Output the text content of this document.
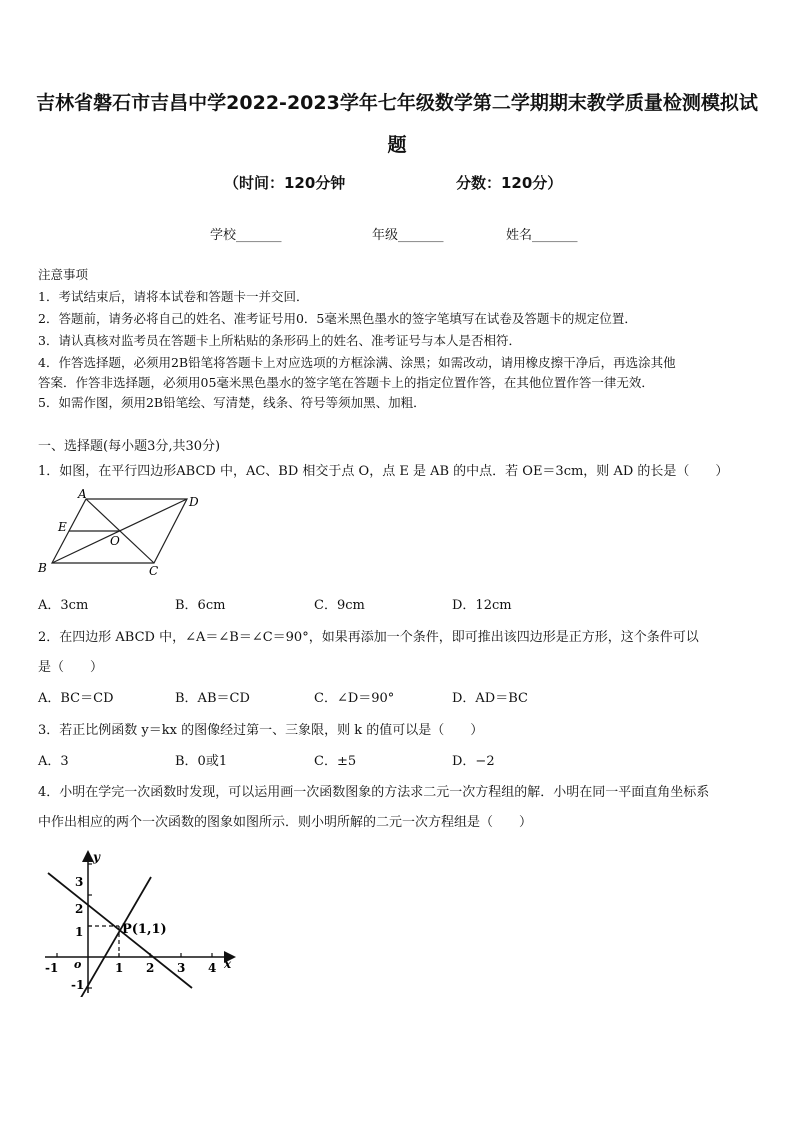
吉林省磐石市吉昌中学2022-2023学年七年级数学第二学期期末教学质量检测模拟试
题
（时间：120分钟	分数：120分）
学校_______	年级_______	姓名_______
注意事项
1．考试结束后，请将本试卷和答题卡一并交回．
2．答题前，请务必将自己的姓名、准考证号用0．5毫米黑色墨水的签字笔填写在试卷及答题卡的规定位置．
3．请认真核对监考员在答题卡上所粘贴的条形码上的姓名、准考证号与本人是否相符．
4．作答选择题，必须用2B铅笔将答题卡上对应选项的方框涂满、涂黑；如需改动，请用橡皮擦干净后，再选涂其他
答案．作答非选择题，必须用05毫米黑色墨水的签字笔在答题卡上的指定位置作答，在其他位置作答一律无效．
5．如需作图，须用2B铅笔绘、写清楚，线条、符号等须加黑、加粗．
一、选择题(每小题3分,共30分)
1．如图，在平行四边形ABCD 中，AC、BD 相交于点 O，点 E 是 AB 的中点．若 OE＝3cm，则 AD 的长是（　　）
A
D
E
O
B	C
A．3cm	B．6cm	C．9cm	D．12cm
2．在四边形 ABCD 中，∠A＝∠B＝∠C＝90°，如果再添加一个条件，即可推出该四边形是正方形，这个条件可以
是（　　）
A．BC＝CD	B．AB＝CD	C．∠D＝90°	D．AD＝BC
3．若正比例函数 y＝kx 的图像经过第一、三象限，则 k 的值可以是（　　）
A．3	B．0或1	C．±5	D．−2
4．小明在学完一次函数时发现，可以运用画一次函数图象的方法求二元一次方程组的解．小明在同一平面直角坐标系
中作出相应的两个一次函数的图象如图所示．则小明所解的二元一次方程组是（　　）
y
x
o
P(1,1)
-1	1 2 3 4
3
2
1
-1
